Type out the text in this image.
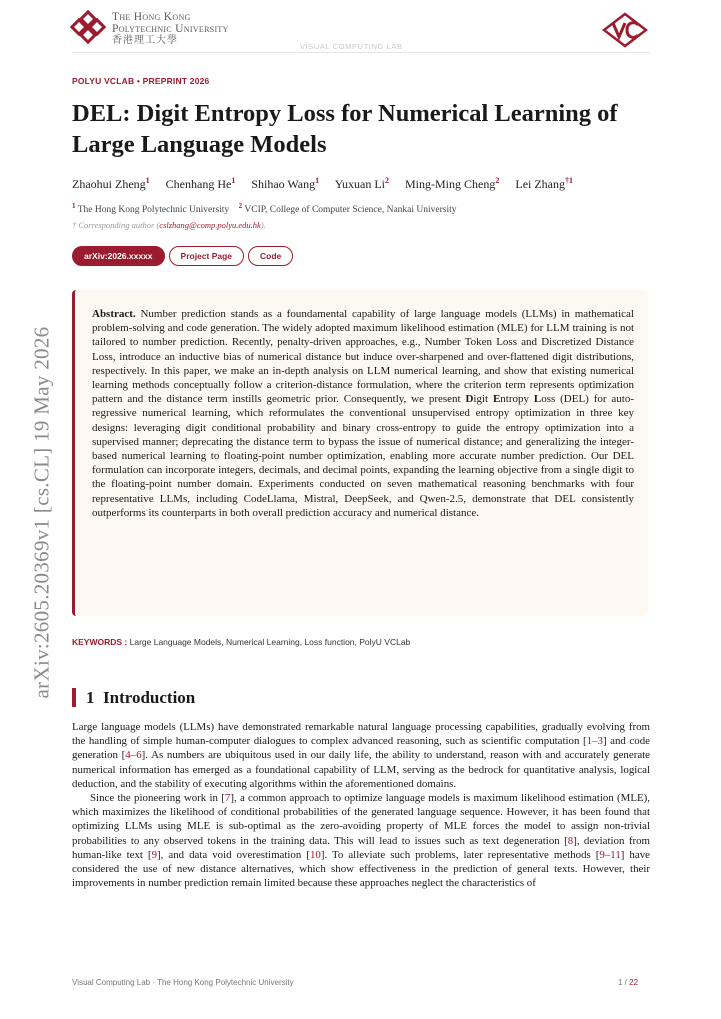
The Hong Kong
Polytechnic University
香港理工大學
VISUAL COMPUTING LAB
POLYU VCLAB • PREPRINT 2026
DEL: Digit Entropy Loss for Numerical Learning of Large Language Models
Zhaohui Zheng$^1$ Chenhang He$^1$ Shihao Wang$^1$ Yuxuan Li$^2$ Ming-Ming Cheng$^2$ Lei Zhang$^{\dagger 1}$
$^1$ The Hong Kong Polytechnic University $^2$ VCIP, College of Computer Science, Nankai University
† Corresponding author (cslzhang@comp.polyu.edu.hk).
arXiv:2026.xxxxx	Project Page	Code
arXiv:2605.20369v1 [cs.CL] 19 May 2026
Abstract. Number prediction stands as a foundamental capability of large language models (LLMs) in mathematical problem-solving and code generation. The widely adopted maximum likelihood estimation (MLE) for LLM training is not tailored to number prediction. Recently, penalty-driven approaches, e.g., Number Token Loss and Discretized Distance Loss, introduce an inductive bias of numerical distance but induce over-sharpened and over-flattened digit distributions, respectively. In this paper, we make an in-depth analysis on LLM numerical learning, and show that existing numerical learning methods conceptually follow a criterion-distance formulation, where the criterion term represents optimization pattern and the distance term instills geometric prior. Consequently, we present Digit Entropy Loss (DEL) for auto-regressive numerical learning, which reformulates the conventional unsupervised entropy optimization in three key designs: leveraging digit conditional probability and binary cross-entropy to guide the entropy optimization into a supervised manner; deprecating the distance term to bypass the issue of numerical distance; and generalizing the integer-based numerical learning to floating-point number optimization, enabling more accurate number prediction. Our DEL formulation can incorporate integers, decimals, and decimal points, expanding the learning objective from a single digit to the floating-point number domain. Experiments conducted on seven mathematical reasoning benchmarks with four representative LLMs, including CodeLlama, Mistral, DeepSeek, and Qwen-2.5, demonstrate that DEL consistently outperforms its counterparts in both overall prediction accuracy and numerical distance.
KEYWORDS : Large Language Models, Numerical Learning, Loss function, PolyU VCLab
1 Introduction

Large language models (LLMs) have demonstrated remarkable natural language processing capabilities, gradually evolving from the handling of simple human-computer dialogues to complex advanced reasoning, such as scientific computation [1–3] and code generation [4–6]. As numbers are ubiquitous used in our daily life, the ability to understand, reason with and accurately generate numerical information has emerged as a foundational capability of LLM, serving as the bedrock for quantitative analysis, logical deduction, and the stability of executing algorithms within the aforementioned domains.

Since the pioneering work in [7], a common approach to optimize language models is maximum likelihood estimation (MLE), which maximizes the likelihood of conditional probabilities of the generated language sequence. However, it has been found that optimizing LLMs using MLE is sub-optimal as the zero-avoiding property of MLE forces the model to assign non-trivial probabilities to any observed tokens in the training data. This will lead to issues such as text degeneration [8], deviation from human-like text [9], and data void overestimation [10]. To alleviate such problems, later representative methods [9–11] have considered the use of new distance alternatives, which show effectiveness in the prediction of general texts. However, their improvements in number prediction remain limited because these approaches neglect the characteristics of

Visual Computing Lab · The Hong Kong Polytechnic University	1 / 22
